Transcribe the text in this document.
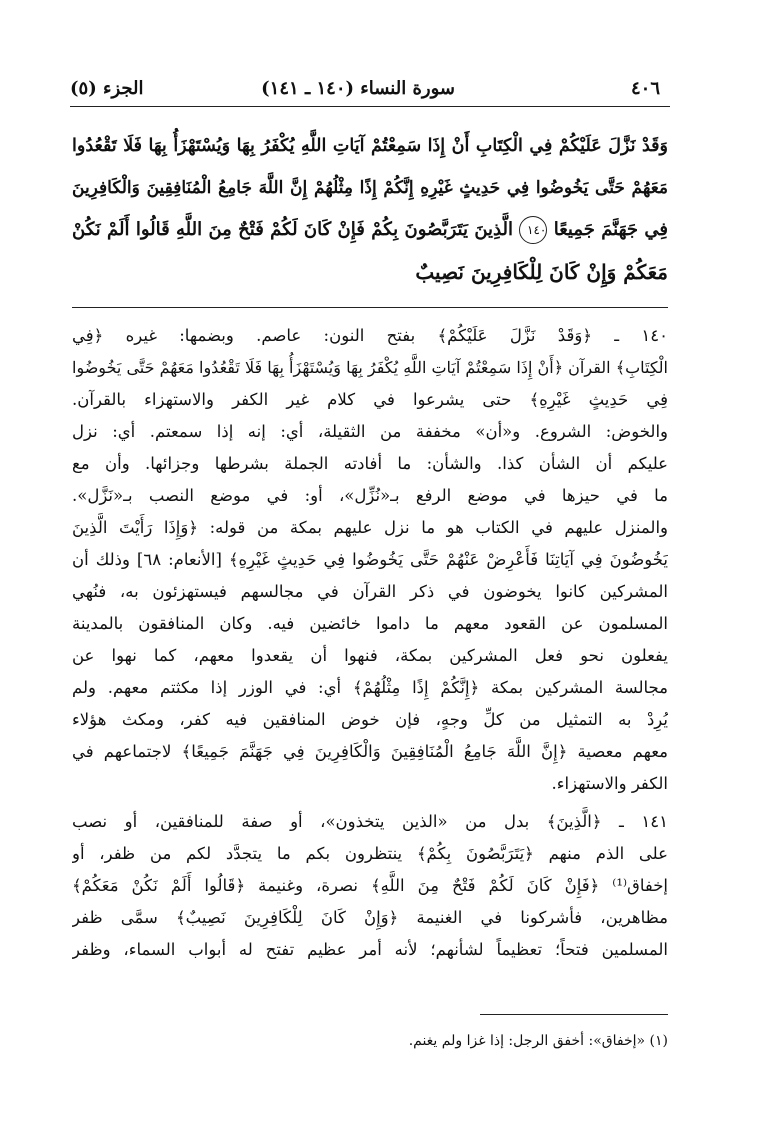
٤٠٦
سورة النساء (١٤٠ ـ ١٤١)
الجزء (٥)
وَقَدْ نَزَّلَ عَلَيْكُمْ فِي الْكِتَابِ أَنْ إِذَا سَمِعْتُمْ آيَاتِ اللَّهِ يُكْفَرُ بِهَا وَيُسْتَهْزَأُ بِهَا فَلَا تَقْعُدُوا
مَعَهُمْ حَتَّى يَخُوضُوا فِي حَدِيثٍ غَيْرِهِ إِنَّكُمْ إِذًا مِثْلُهُمْ إِنَّ اللَّهَ جَامِعُ الْمُنَافِقِينَ وَالْكَافِرِينَ
فِي جَهَنَّمَ جَمِيعًا ١٤٠ الَّذِينَ يَتَرَبَّصُونَ بِكُمْ فَإِنْ كَانَ لَكُمْ فَتْحٌ مِنَ اللَّهِ قَالُوا أَلَمْ نَكُنْ
مَعَكُمْ وَإِنْ كَانَ لِلْكَافِرِينَ نَصِيبٌ
١٤٠ ـ ﴿وَقَدْ نَزَّلَ عَلَيْكُمْ﴾ بفتح النون: عاصم. وبضمها: غيره ﴿فِي
الْكِتَابِ﴾ القرآن ﴿أَنْ إِذَا سَمِعْتُمْ آيَاتِ اللَّهِ يُكْفَرُ بِهَا وَيُسْتَهْزَأُ بِهَا فَلَا تَقْعُدُوا مَعَهُمْ حَتَّى يَخُوضُوا
فِي حَدِيثٍ غَيْرِهِ﴾ حتى يشرعوا في كلام غير الكفر والاستهزاء بالقرآن.
والخوض: الشروع. و«أن» مخففة من الثقيلة، أي: إنه إذا سمعتم. أي: نزل
عليكم أن الشأن كذا. والشأن: ما أفادته الجملة بشرطها وجزائها. وأن مع
ما في حيزها في موضع الرفع بـ«نُزِّل»، أو: في موضع النصب بـ«نَزَّل».
والمنزل عليهم في الكتاب هو ما نزل عليهم بمكة من قوله: ﴿وَإِذَا رَأَيْتَ الَّذِينَ
يَخُوضُونَ فِي آيَاتِنَا فَأَعْرِضْ عَنْهُمْ حَتَّى يَخُوضُوا فِي حَدِيثٍ غَيْرِهِ﴾ [الأنعام: ٦٨] وذلك أن
المشركين كانوا يخوضون في ذكر القرآن في مجالسهم فيستهزئون به، فنُهي
المسلمون عن القعود معهم ما داموا خائضين فيه. وكان المنافقون بالمدينة
يفعلون نحو فعل المشركين بمكة، فنهوا أن يقعدوا معهم، كما نهوا عن
مجالسة المشركين بمكة ﴿إِنَّكُمْ إِذًا مِثْلُهُمْ﴾ أي: في الوزر إذا مكثتم معهم. ولم
يُرِدْ به التمثيل من كلِّ وجهٍ، فإن خوض المنافقين فيه كفر، ومكث هؤلاء
معهم معصية ﴿إِنَّ اللَّهَ جَامِعُ الْمُنَافِقِينَ وَالْكَافِرِينَ فِي جَهَنَّمَ جَمِيعًا﴾ لاجتماعهم في
الكفر والاستهزاء.
١٤١ ـ ﴿الَّذِينَ﴾ بدل من «الذين يتخذون»، أو صفة للمنافقين، أو نصب
على الذم منهم ﴿يَتَرَبَّصُونَ بِكُمْ﴾ ينتظرون بكم ما يتجدَّد لكم من ظفر، أو
إخفاق⁽¹⁾ ﴿فَإِنْ كَانَ لَكُمْ فَتْحٌ مِنَ اللَّهِ﴾ نصرة، وغنيمة ﴿قَالُوا أَلَمْ نَكُنْ مَعَكُمْ﴾
مظاهرين، فأشركونا في الغنيمة ﴿وَإِنْ كَانَ لِلْكَافِرِينَ نَصِيبٌ﴾ سمَّى ظفر
المسلمين فتحاً؛ تعظيماً لشأنهم؛ لأنه أمر عظيم تفتح له أبواب السماء، وظفر
(١) «إخفاق»: أخفق الرجل: إذا غزا ولم يغنم.
